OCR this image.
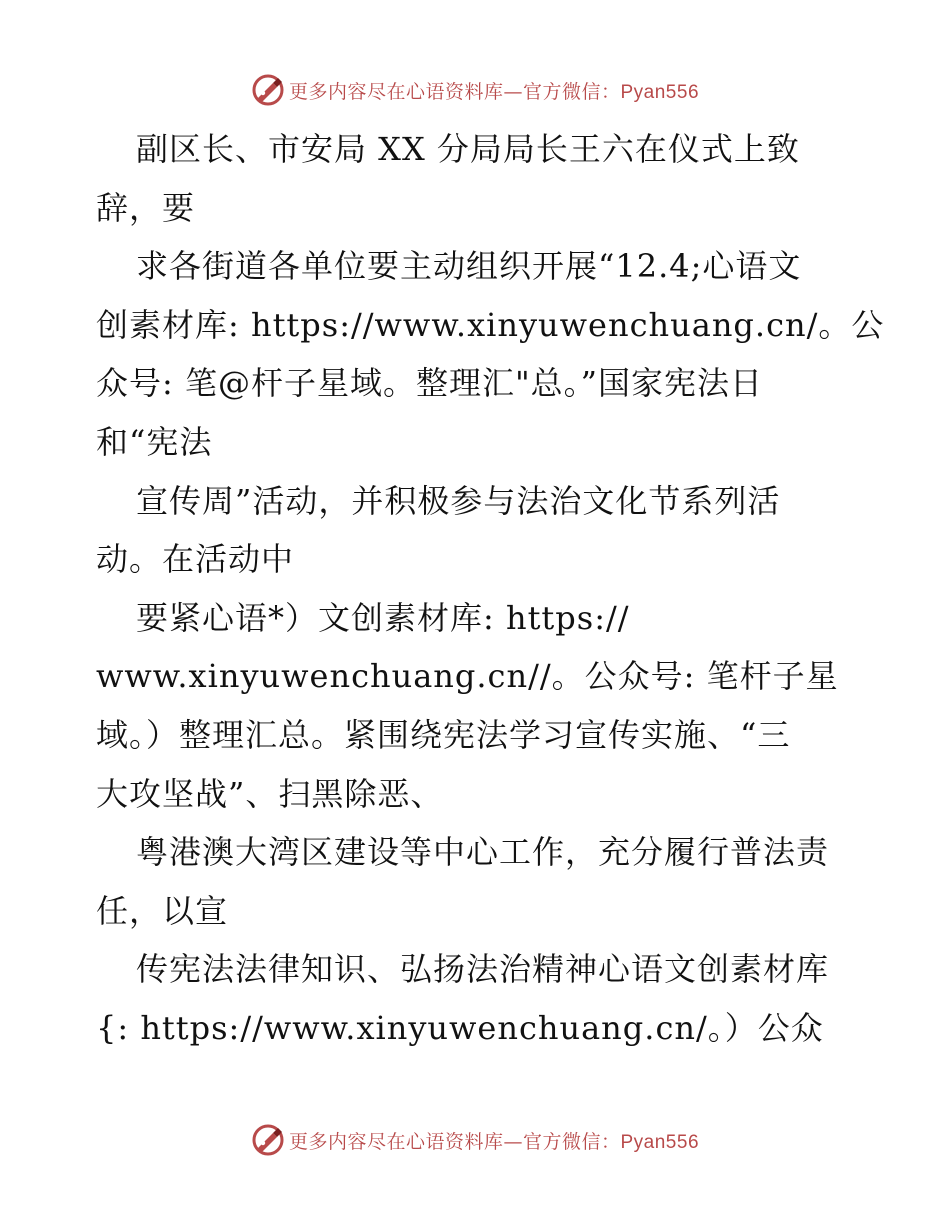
更多内容尽在心语资料库—官方微信：Pyan556
副区长、市安局 XX 分局局长王六在仪式上致
辞，要
求各街道各单位要主动组织开展“12.4;心语文
创素材库: https://www.xinyuwenchuang.cn/。公
众号: 笔@杆子星域。整理汇"总。”国家宪法日
和“宪法
宣传周”活动，并积极参与法治文化节系列活
动。在活动中
要紧心语*）文创素材库: https://
www.xinyuwenchuang.cn//。公众号: 笔杆子星
域。）整理汇总。紧围绕宪法学习宣传实施、“三
大攻坚战”、扫黑除恶、
粤港澳大湾区建设等中心工作，充分履行普法责
任，以宣
传宪法法律知识、弘扬法治精神心语文创素材库
{: https://www.xinyuwenchuang.cn/。）公众
更多内容尽在心语资料库—官方微信：Pyan556
